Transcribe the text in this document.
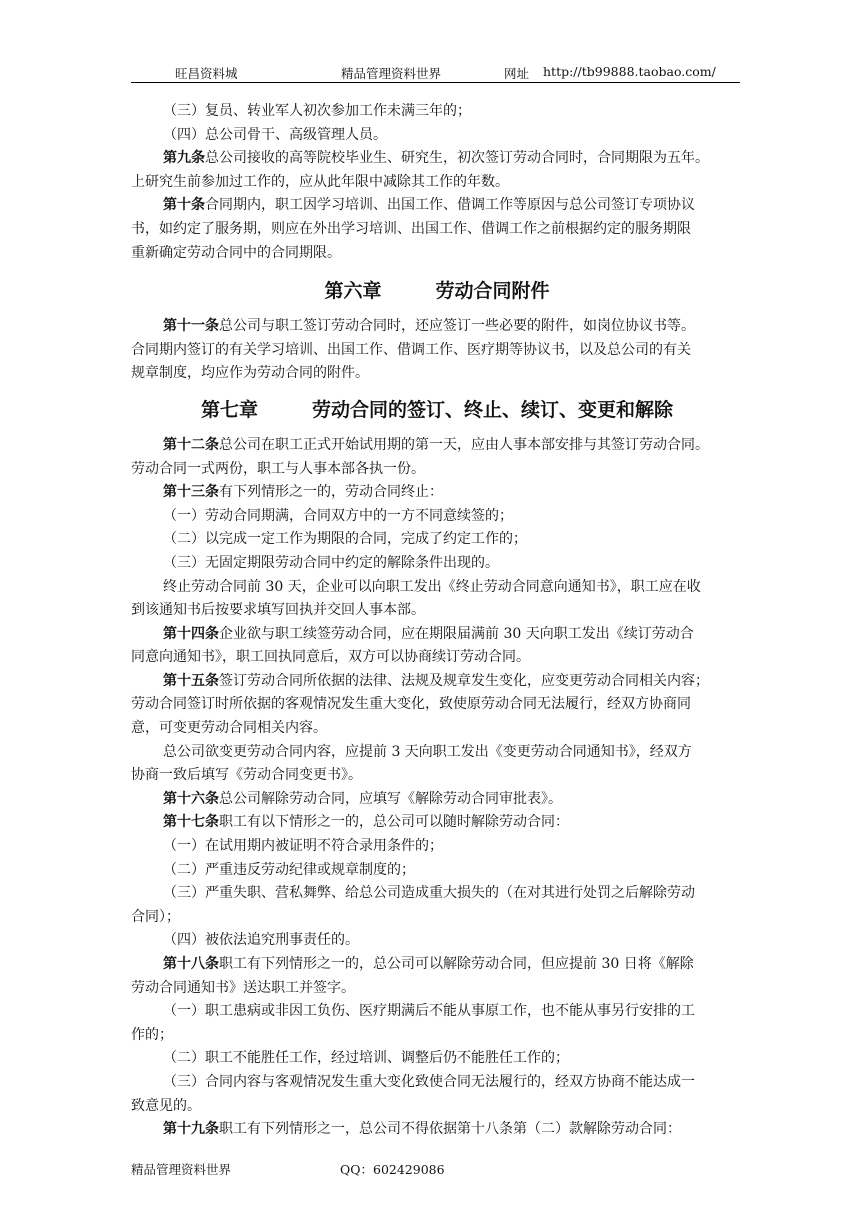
旺昌资料城	精品管理资料世界	网址 http://tb99888.taobao.com/

（三）复员、转业军人初次参加工作未满三年的；

（四）总公司骨干、高级管理人员。

第九条总公司接收的高等院校毕业生、研究生，初次签订劳动合同时，合同期限为五年。

上研究生前参加过工作的，应从此年限中减除其工作的年数。

第十条合同期内，职工因学习培训、出国工作、借调工作等原因与总公司签订专项协议

书，如约定了服务期，则应在外出学习培训、出国工作、借调工作之前根据约定的服务期限

重新确定劳动合同中的合同期限。

第六章	劳动合同附件

第十一条总公司与职工签订劳动合同时，还应签订一些必要的附件，如岗位协议书等。

合同期内签订的有关学习培训、出国工作、借调工作、医疗期等协议书，以及总公司的有关

规章制度，均应作为劳动合同的附件。

第七章	劳动合同的签订、终止、续订、变更和解除

第十二条总公司在职工正式开始试用期的第一天，应由人事本部安排与其签订劳动合同。

劳动合同一式两份，职工与人事本部各执一份。

第十三条有下列情形之一的，劳动合同终止：

（一）劳动合同期满，合同双方中的一方不同意续签的；

（二）以完成一定工作为期限的合同，完成了约定工作的；

（三）无固定期限劳动合同中约定的解除条件出现的。

终止劳动合同前 30 天，企业可以向职工发出《终止劳动合同意向通知书》，职工应在收

到该通知书后按要求填写回执并交回人事本部。

第十四条企业欲与职工续签劳动合同，应在期限届满前 30 天向职工发出《续订劳动合

同意向通知书》，职工回执同意后，双方可以协商续订劳动合同。

第十五条签订劳动合同所依据的法律、法规及规章发生变化，应变更劳动合同相关内容；

劳动合同签订时所依据的客观情况发生重大变化，致使原劳动合同无法履行，经双方协商同

意，可变更劳动合同相关内容。

总公司欲变更劳动合同内容，应提前 3 天向职工发出《变更劳动合同通知书》，经双方

协商一致后填写《劳动合同变更书》。

第十六条总公司解除劳动合同，应填写《解除劳动合同审批表》。

第十七条职工有以下情形之一的，总公司可以随时解除劳动合同：

（一）在试用期内被证明不符合录用条件的；

（二）严重违反劳动纪律或规章制度的；

（三）严重失职、营私舞弊、给总公司造成重大损失的（在对其进行处罚之后解除劳动

合同）；

（四）被依法追究刑事责任的。

第十八条职工有下列情形之一的，总公司可以解除劳动合同，但应提前 30 日将《解除

劳动合同通知书》送达职工并签字。

（一）职工患病或非因工负伤、医疗期满后不能从事原工作，也不能从事另行安排的工

作的；

（二）职工不能胜任工作，经过培训、调整后仍不能胜任工作的；

（三）合同内容与客观情况发生重大变化致使合同无法履行的，经双方协商不能达成一

致意见的。

第十九条职工有下列情形之一，总公司不得依据第十八条第（二）款解除劳动合同：

精品管理资料世界	QQ：602429086
